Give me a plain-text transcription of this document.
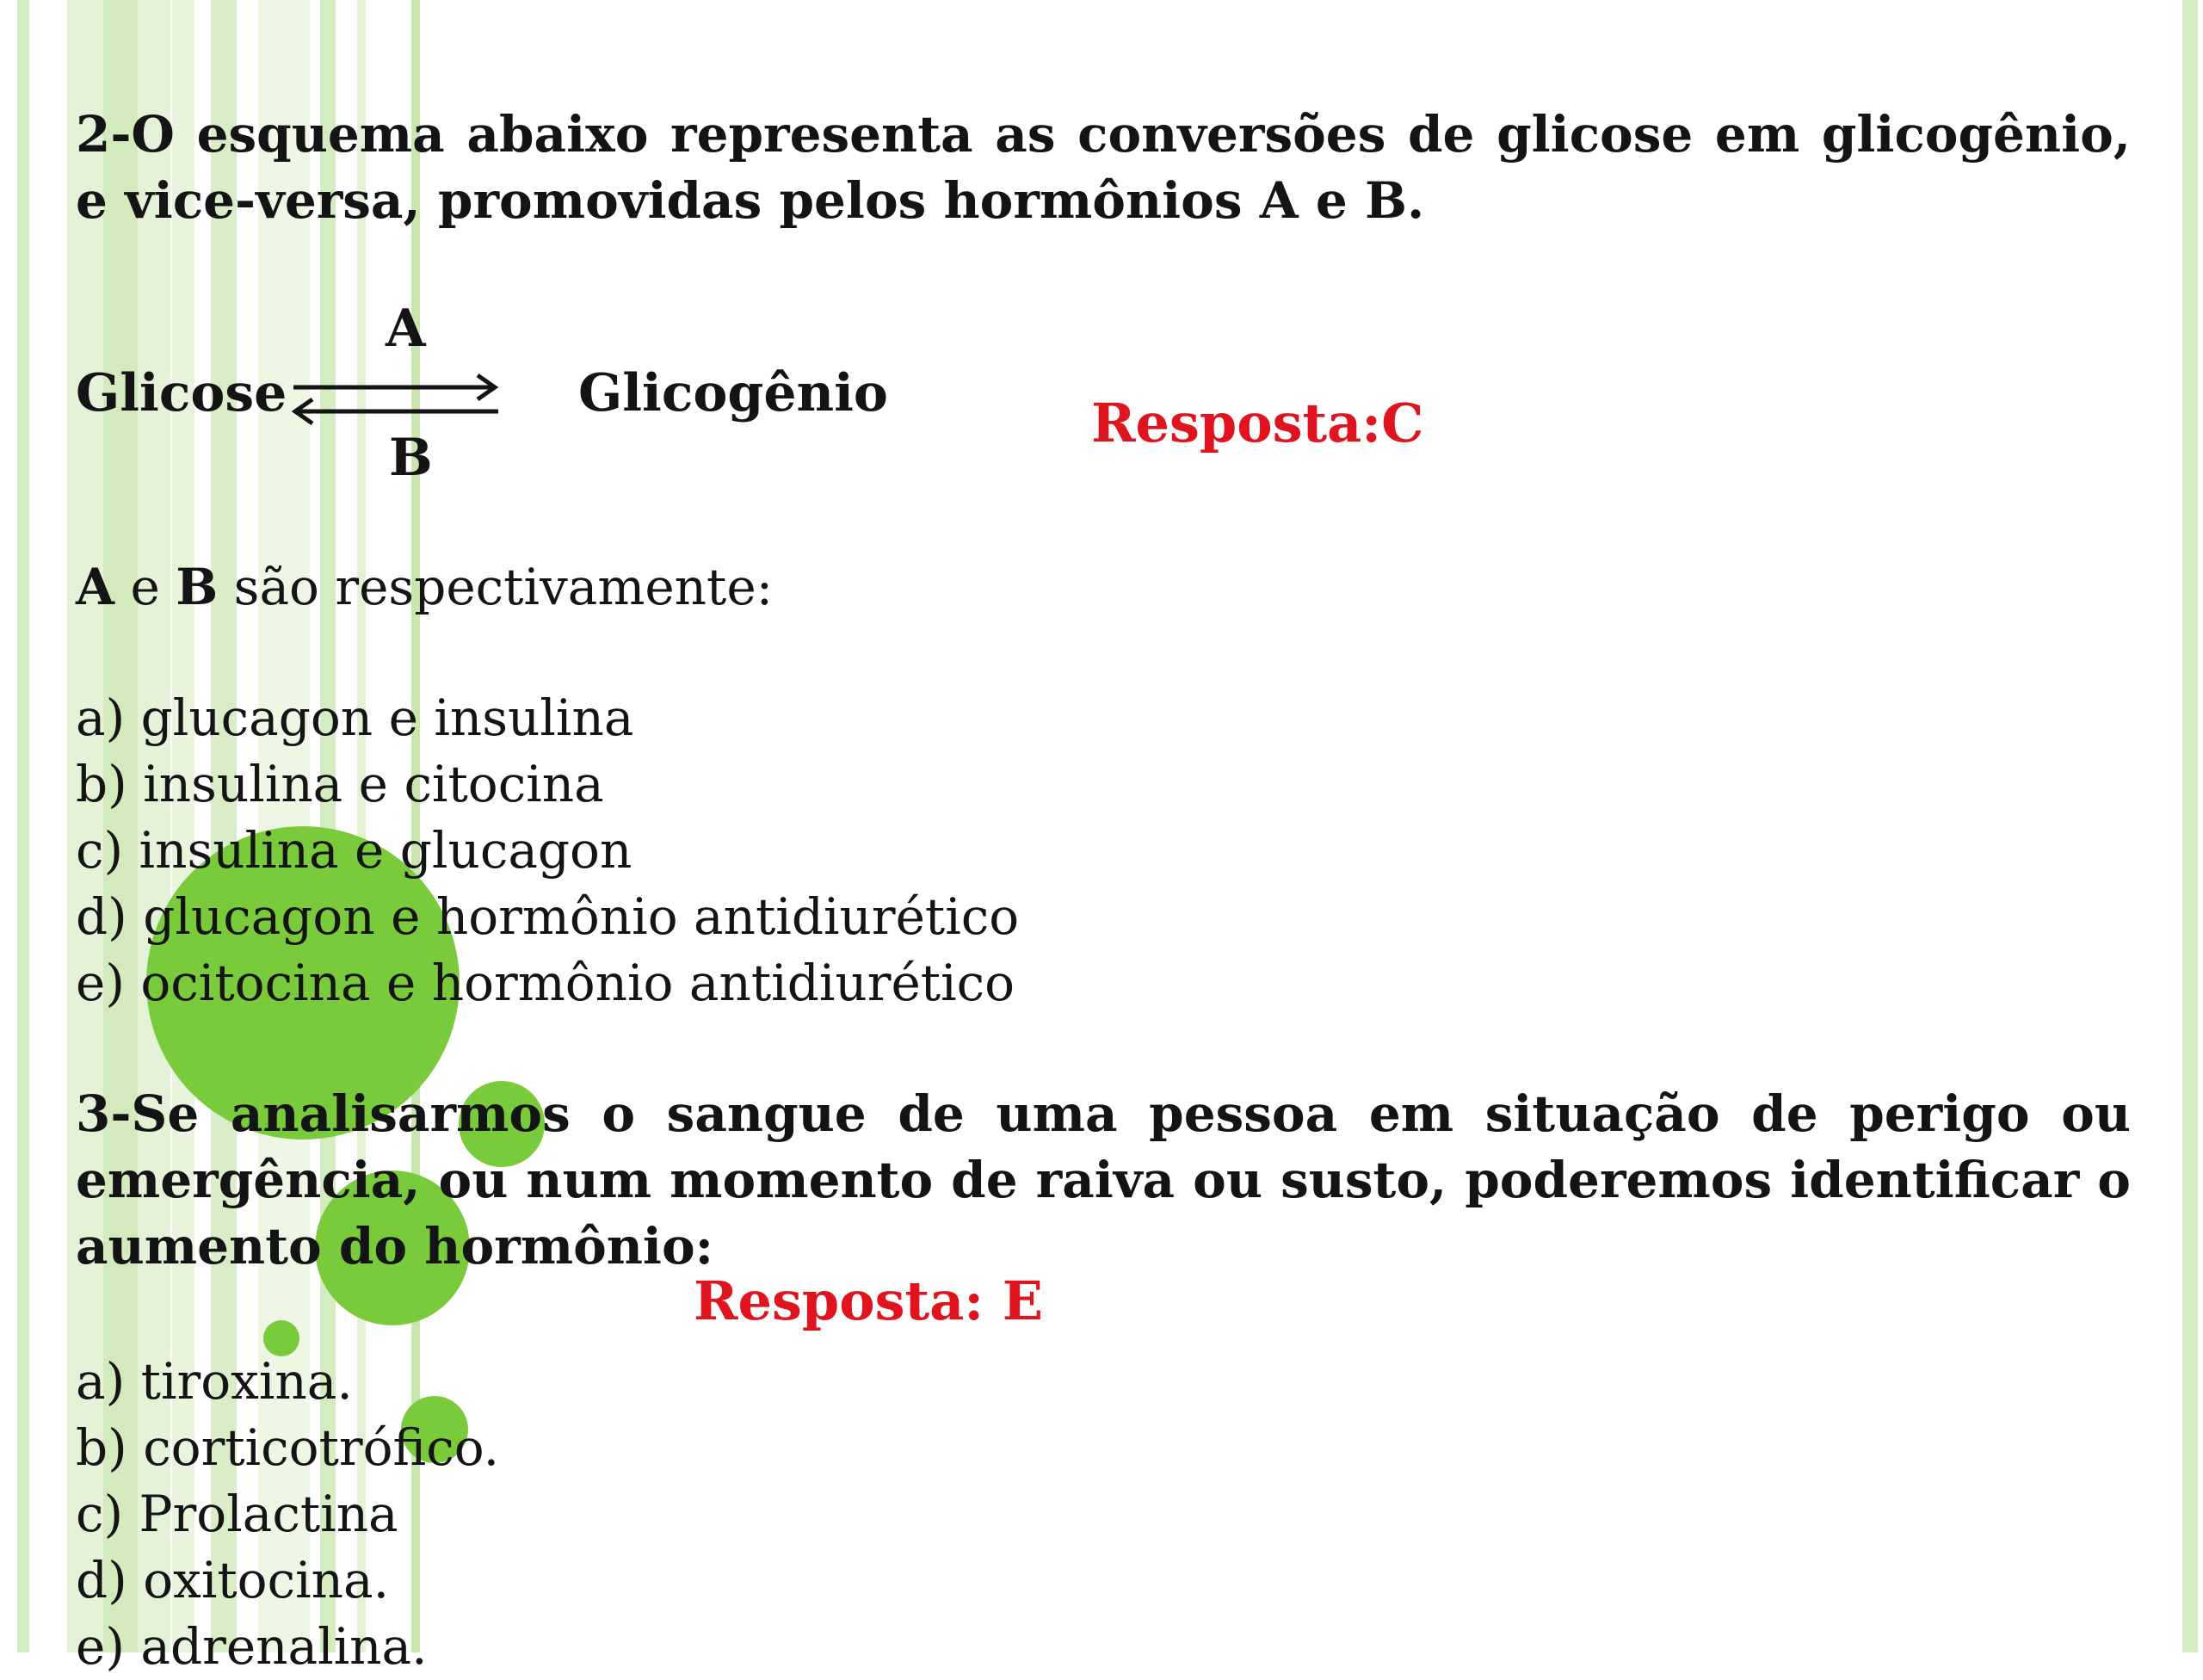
2-O esquema abaixo representa as conversões de glicose em glicogênio, e vice-versa, promovidas pelos hormônios A e B.

A
Glicose	Glicogênio
B

A e B são respectivamente:

a) glucagon e insulina
b) insulina e citocina
c) insulina e glucagon
d) glucagon e hormônio antidiurético
e) ocitocina e hormônio antidiurético

3-Se analisarmos o sangue de uma pessoa em situação de perigo ou emergência, ou num momento de raiva ou susto, poderemos identificar o aumento do hormônio:

a) tiroxina.
b) corticotrófico.
c) Prolactina
d) oxitocina.
e) adrenalina.
Resposta:C
Resposta: E
